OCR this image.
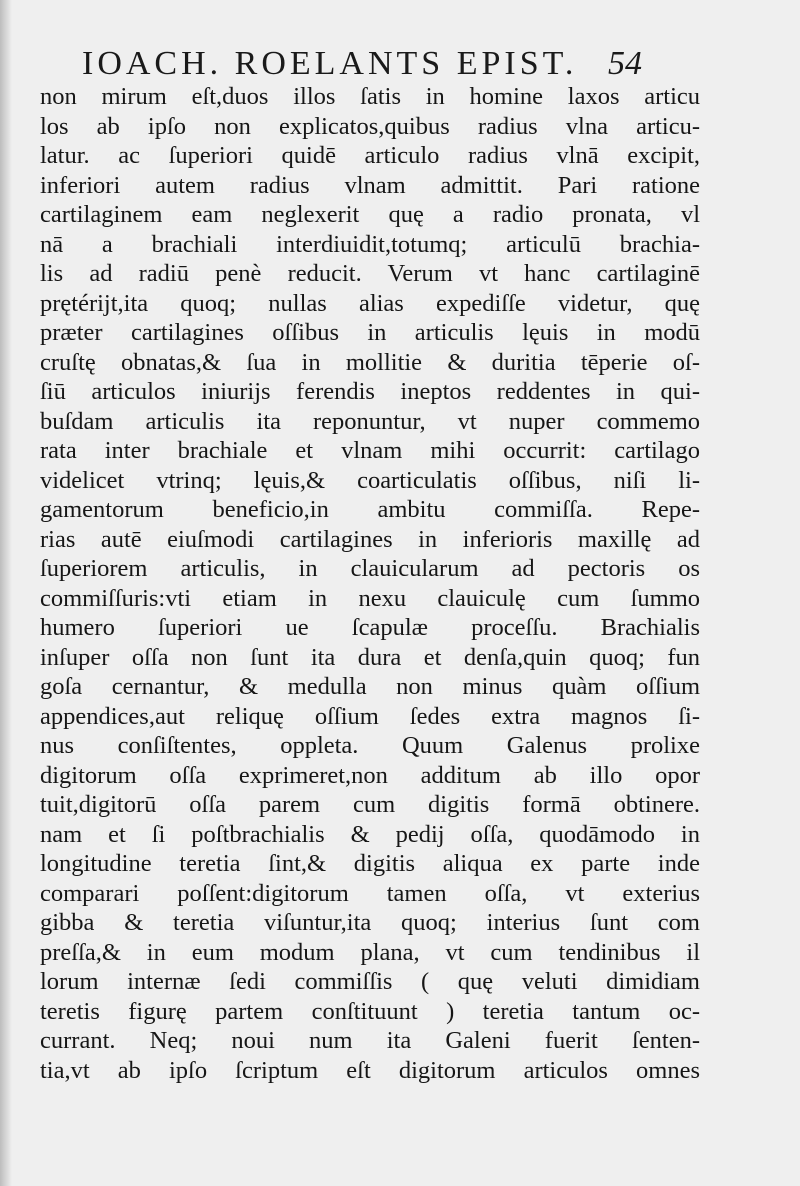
IOACH. ROELANTS EPIST. 54
non mirum eſt,duos illos ſatis in homine laxos articu
los ab ipſo non explicatos,quibus radius vlna articu-
latur. ac ſuperiori quidē articulo radius vlnā excipit,
inferiori autem radius vlnam admittit. Pari ratione
cartilaginem eam neglexerit quę a radio pronata, vl
nā a brachiali interdiuidit,totumq; articulū brachia-
lis ad radiū penè reducit. Verum vt hanc cartilaginē
prętérijt,ita quoq; nullas alias expediſſe videtur, quę
præter cartilagines oſſibus in articulis lęuis in modū
cruſtę obnatas,& ſua in mollitie & duritia tēperie oſ-
ſiū articulos iniurijs ferendis ineptos reddentes in qui-
buſdam articulis ita reponuntur, vt nuper commemo
rata inter brachiale et vlnam mihi occurrit: cartilago
videlicet vtrinq; lęuis,& coarticulatis oſſibus, niſi li-
gamentorum beneficio,in ambitu commiſſa. Repe-
rias autē eiuſmodi cartilagines in inferioris maxillę ad
ſuperiorem articulis, in clauicularum ad pectoris os
commiſſuris:vti etiam in nexu clauiculę cum ſummo
humero ſuperiori ue ſcapulæ proceſſu. Brachialis
inſuper oſſa non ſunt ita dura et denſa,quin quoq; fun
goſa cernantur, & medulla non minus quàm oſſium
appendices,aut reliquę oſſium ſedes extra magnos ſi-
nus conſiſtentes, oppleta. Quum Galenus prolixe
digitorum oſſa exprimeret,non additum ab illo opor
tuit,digitorū oſſa parem cum digitis formā obtinere.
nam et ſi poſtbrachialis & pedij oſſa, quodāmodo in
longitudine teretia ſint,& digitis aliqua ex parte inde
comparari poſſent:digitorum tamen oſſa, vt exterius
gibba & teretia viſuntur,ita quoq; interius ſunt com
preſſa,& in eum modum plana, vt cum tendinibus il
lorum internæ ſedi commiſſis ( quę veluti dimidiam
teretis figurę partem conſtituunt ) teretia tantum oc-
currant. Neq; noui num ita Galeni fuerit ſenten-
tia,vt ab ipſo ſcriptum eſt digitorum articulos omnes
